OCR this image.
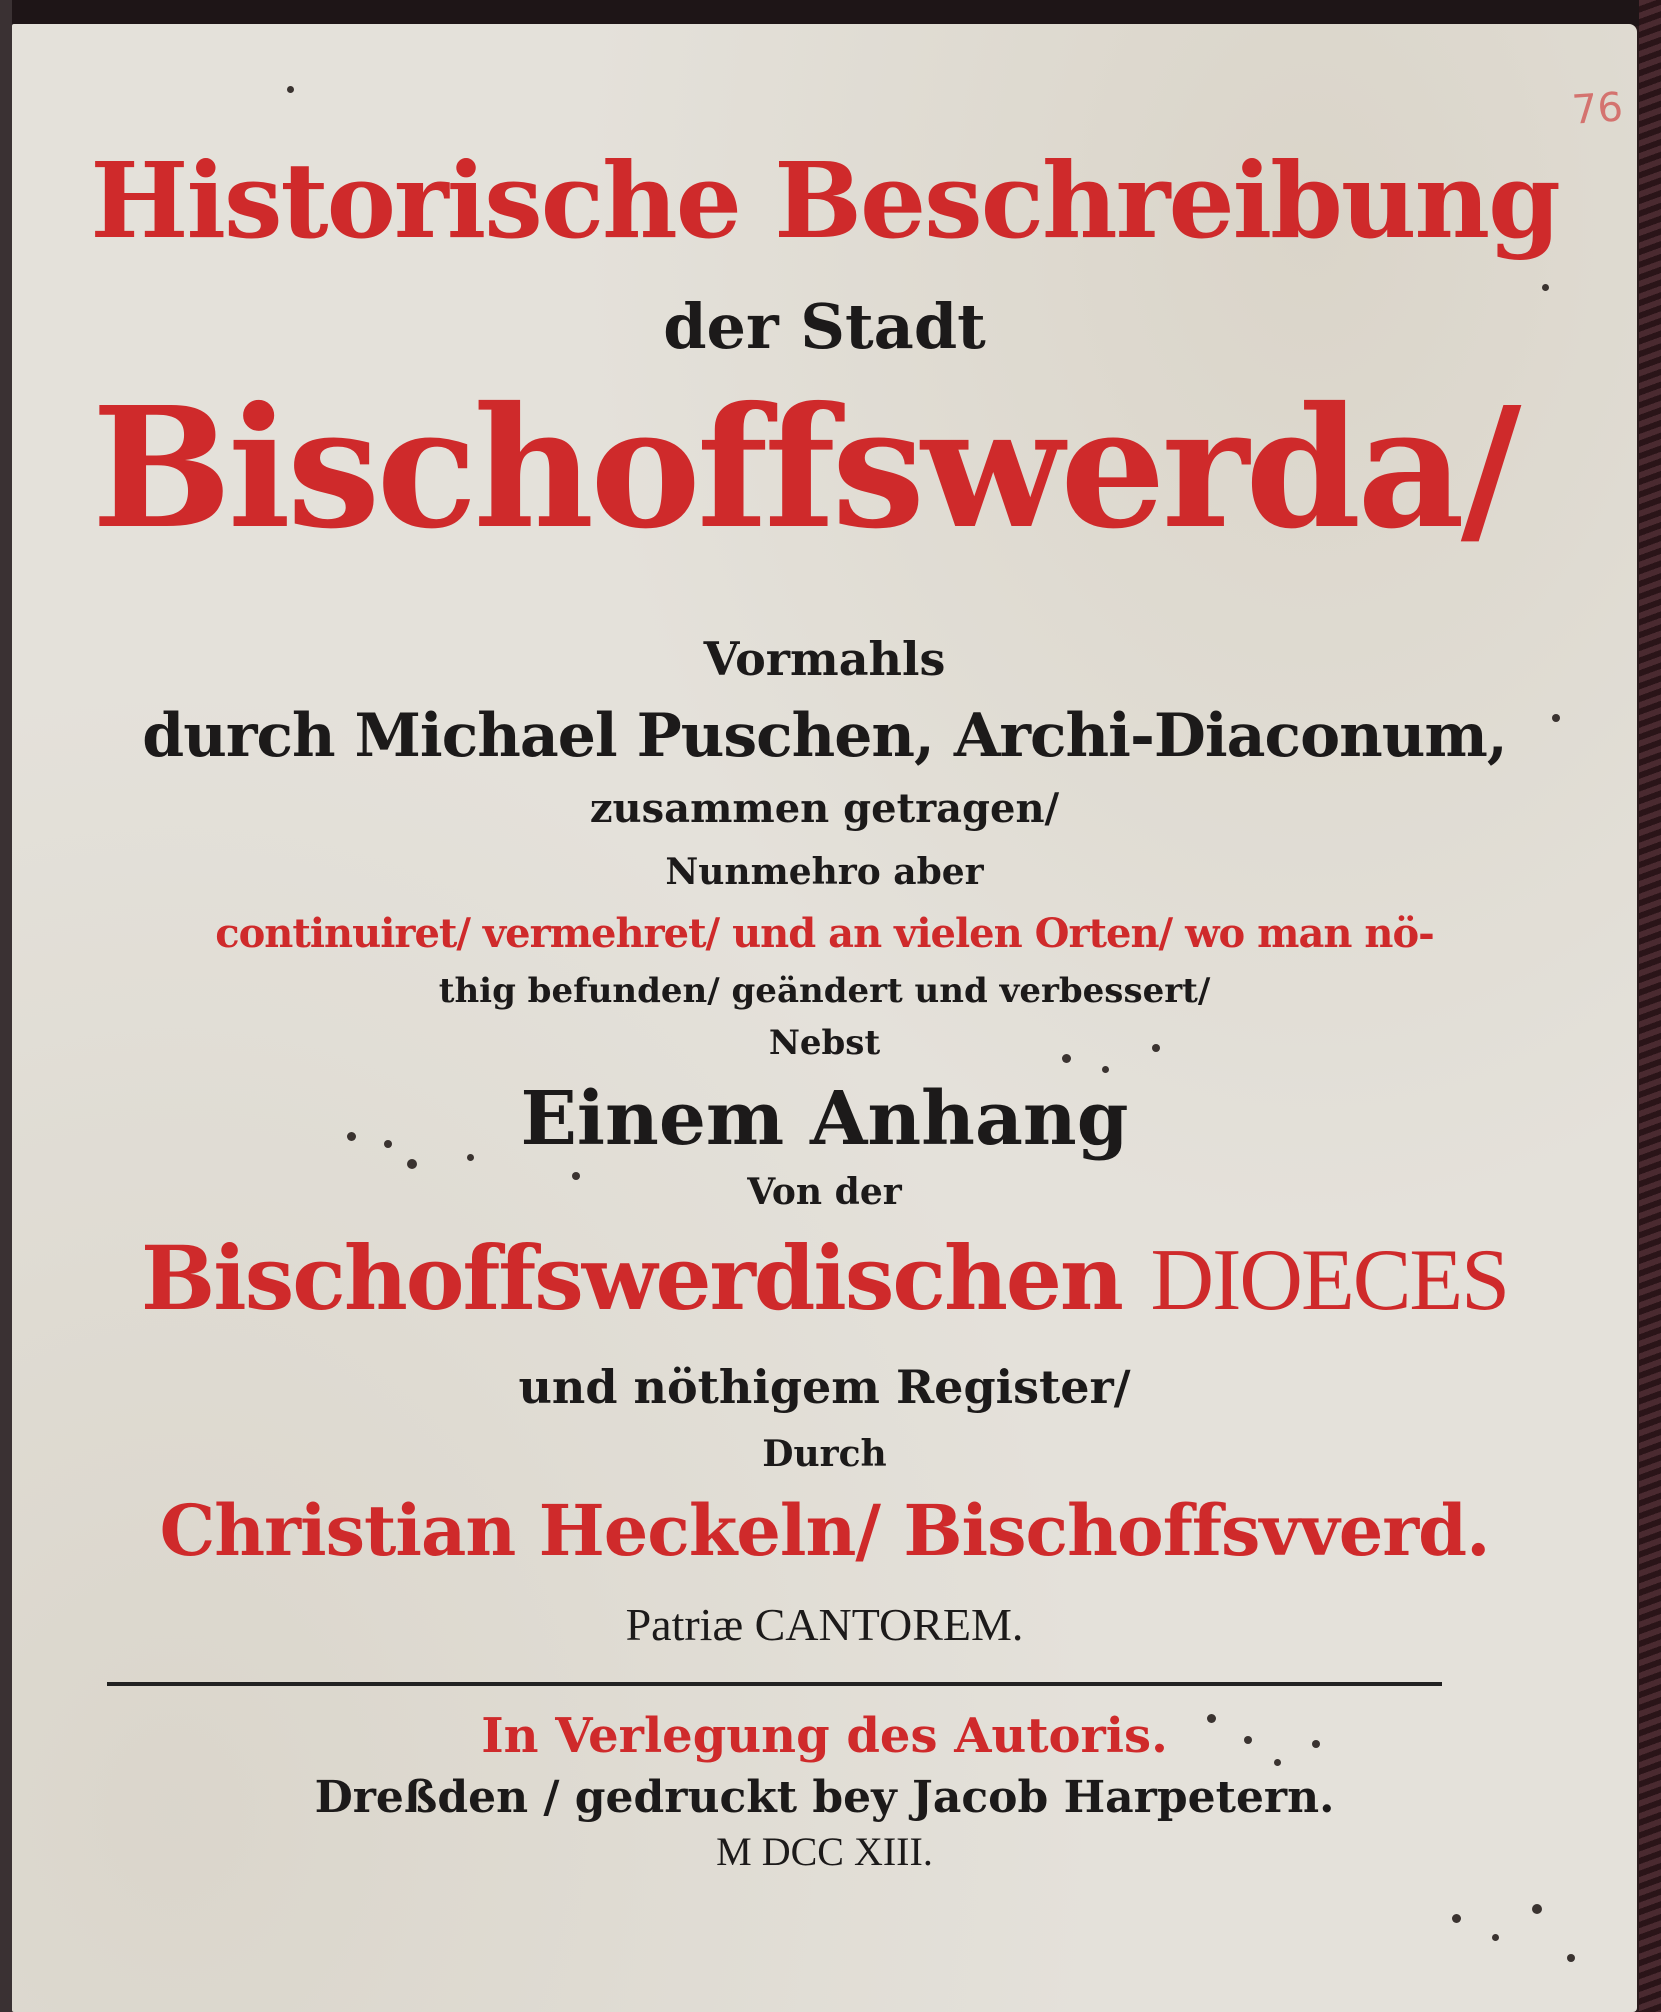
76
Historische Beschreibung
der Stadt
Bischoffswerda/
Vormahls
durch Michael Puschen, Archi-Diaconum,
zusammen getragen/
Nunmehro aber
continuiret/ vermehret/ und an vielen Orten/ wo man nö-
thig befunden/ geändert und verbessert/
Nebst
Einem Anhang
Von der
Bischoffswerdischen DIOECES
und nöthigem Register/
Durch
Christian Heckeln/ Bischoffsvverd.
Patriæ CANTOREM.
In Verlegung des Autoris.
Dreßden / gedruckt bey Jacob Harpetern.
M DCC XIII.
